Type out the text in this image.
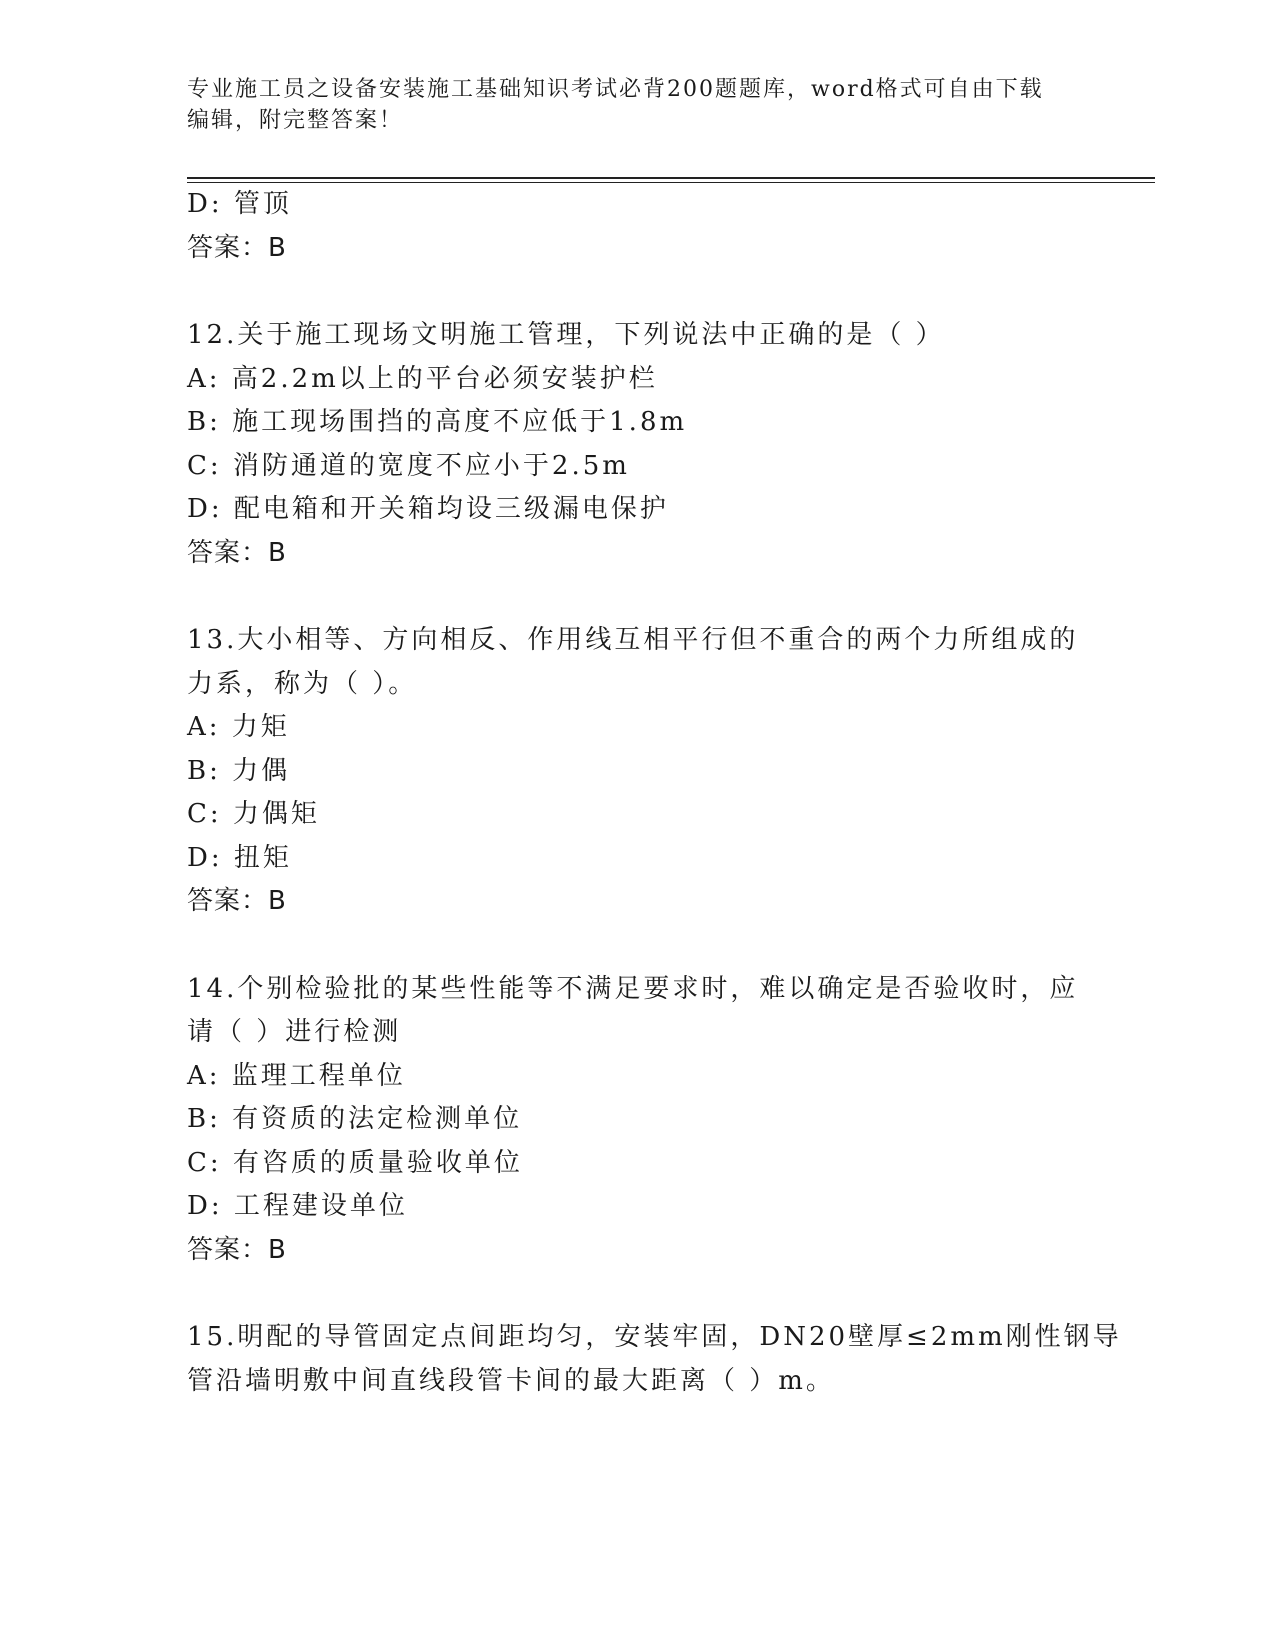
专业施工员之设备安装施工基础知识考试必背200题题库，word格式可自由下载
编辑，附完整答案！
D: 管顶
答案：B
12.关于施工现场文明施工管理，下列说法中正确的是（ ）
A: 高2.2m以上的平台必须安装护栏
B: 施工现场围挡的高度不应低于1.8m
C: 消防通道的宽度不应小于2.5m
D: 配电箱和开关箱均设三级漏电保护
答案：B
13.大小相等、方向相反、作用线互相平行但不重合的两个力所组成的
力系，称为（ ）。
A: 力矩
B: 力偶
C: 力偶矩
D: 扭矩
答案：B
14.个别检验批的某些性能等不满足要求时，难以确定是否验收时，应
请（ ）进行检测
A: 监理工程单位
B: 有资质的法定检测单位
C: 有咨质的质量验收单位
D: 工程建设单位
答案：B
15.明配的导管固定点间距均匀，安装牢固，DN20壁厚≤2mm刚性钢导
管沿墙明敷中间直线段管卡间的最大距离（ ）m。
